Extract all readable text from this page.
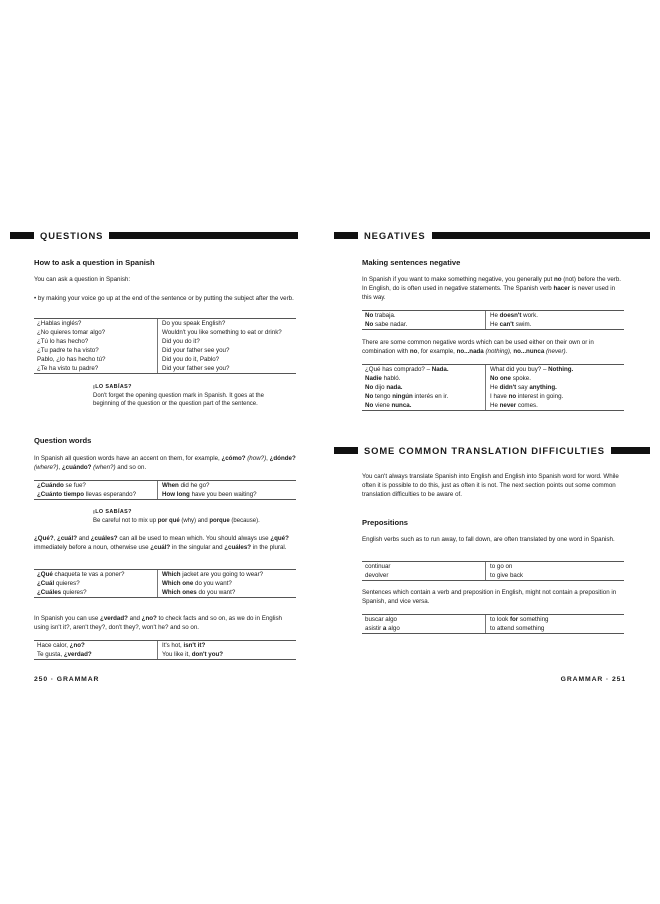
QUESTIONS
How to ask a question in Spanish
You can ask a question in Spanish:
• by making your voice go up at the end of the sentence or by putting the subject after the verb.
¿Hablas inglés?	Do you speak English?
¿No quieres tomar algo?	Wouldn't you like something to eat or drink?
¿Tú lo has hecho?	Did you do it?
¿Tu padre te ha visto?	Did your father see you?
Pablo, ¿lo has hecho tú?	Did you do it, Pablo?
¿Te ha visto tu padre?	Did your father see you?
¡LO SABÍAS?
Don't forget the opening question mark in Spanish. It goes at the beginning of the question or the question part of the sentence.
Question words
In Spanish all question words have an accent on them, for example, ¿cómo? (how?), ¿dónde? (where?), ¿cuándo? (when?) and so on.
¿Cuándo se fue?	When did he go?
¿Cuánto tiempo llevas esperando?	How long have you been waiting?
¡LO SABÍAS?
Be careful not to mix up por qué (why) and porque (because).
¿Qué?, ¿cuál? and ¿cuáles? can all be used to mean which. You should always use ¿qué? immediately before a noun, otherwise use ¿cuál? in the singular and ¿cuáles? in the plural.
¿Qué chaqueta te vas a poner?	Which jacket are you going to wear?
¿Cuál quieres?	Which one do you want?
¿Cuáles quieres?	Which ones do you want?
In Spanish you can use ¿verdad? and ¿no? to check facts and so on, as we do in English using isn't it?, aren't they?, don't they?, won't he? and so on.
Hace calor, ¿no?	It's hot, isn't it?
Te gusta, ¿verdad?	You like it, don't you?
250 · GRAMMAR
NEGATIVES
Making sentences negative
In Spanish if you want to make something negative, you generally put no (not) before the verb. In English, do is often used in negative statements. The Spanish verb hacer is never used in this way.
No trabaja.	He doesn't work.
No sabe nadar.	He can't swim.
There are some common negative words which can be used either on their own or in combination with no, for example, no...nada (nothing), no...nunca (never).
¿Qué has comprado? – Nada.	What did you buy? – Nothing.
Nadie habló.	No one spoke.
No dijo nada.	He didn't say anything.
No tengo ningún interés en ir.	I have no interest in going.
No viene nunca.	He never comes.
SOME COMMON TRANSLATION DIFFICULTIES
You can't always translate Spanish into English and English into Spanish word for word. While often it is possible to do this, just as often it is not. The next section points out some common translation difficulties to be aware of.
Prepositions
English verbs such as to run away, to fall down, are often translated by one word in Spanish.
continuar	to go on
devolver	to give back
Sentences which contain a verb and preposition in English, might not contain a preposition in Spanish, and vice versa.
buscar algo	to look for something
asistir a algo	to attend something
GRAMMAR · 251
